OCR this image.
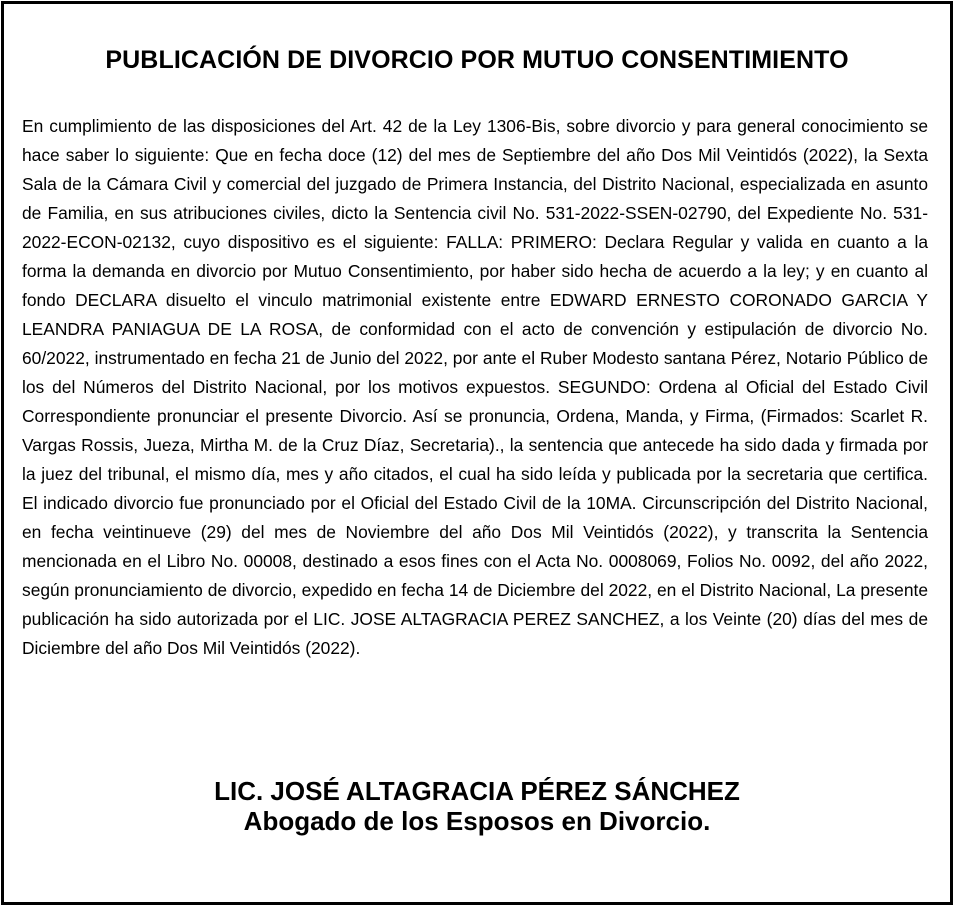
PUBLICACIÓN DE DIVORCIO POR MUTUO CONSENTIMIENTO

En cumplimiento de las disposiciones del Art. 42 de la Ley 1306-Bis, sobre divorcio y para general conocimiento se hace saber lo siguiente: Que en fecha doce (12) del mes de Septiembre del año Dos Mil Veintidós (2022), la Sexta Sala de la Cámara Civil y comercial del juzgado de Primera Instancia, del Distrito Nacional, especializada en asunto de Familia, en sus atribuciones civiles, dicto la Sentencia civil No. 531-2022-SSEN-02790, del Expediente No. 531-2022-ECON-02132, cuyo dispositivo es el siguiente: FALLA: PRIMERO: Declara Regular y valida en cuanto a la forma la demanda en divorcio por Mutuo Consentimiento, por haber sido hecha de acuerdo a la ley; y en cuanto al fondo DECLARA disuelto el vinculo matrimonial existente entre EDWARD ERNESTO CORONADO GARCIA Y LEANDRA PANIAGUA DE LA ROSA, de conformidad con el acto de convención y estipulación de divorcio No. 60/2022, instrumentado en fecha 21 de Junio del 2022, por ante el Ruber Modesto santana Pérez, Notario Público de los del Números del Distrito Nacional, por los motivos expuestos. SEGUNDO: Ordena al Oficial del Estado Civil Correspondiente pronunciar el presente Divorcio. Así se pronuncia, Ordena, Manda, y Firma, (Firmados: Scarlet R. Vargas Rossis, Jueza, Mirtha M. de la Cruz Díaz, Secretaria)., la sentencia que antecede ha sido dada y firmada por la juez del tribunal, el mismo día, mes y año citados, el cual ha sido leída y publicada por la secretaria que certifica. El indicado divorcio fue pronunciado por el Oficial del Estado Civil de la 10MA. Circunscripción del Distrito Nacional, en fecha veintinueve (29) del mes de Noviembre del año Dos Mil Veintidós (2022), y transcrita la Sentencia mencionada en el Libro No. 00008, destinado a esos fines con el Acta No. 0008069, Folios No. 0092, del año 2022, según pronunciamiento de divorcio, expedido en fecha 14 de Diciembre del 2022, en el Distrito Nacional, La presente publicación ha sido autorizada por el LIC. JOSE ALTAGRACIA PEREZ SANCHEZ, a los Veinte (20) días del mes de Diciembre del año Dos Mil Veintidós (2022).

LIC. JOSÉ ALTAGRACIA PÉREZ SÁNCHEZ
Abogado de los Esposos en Divorcio.
